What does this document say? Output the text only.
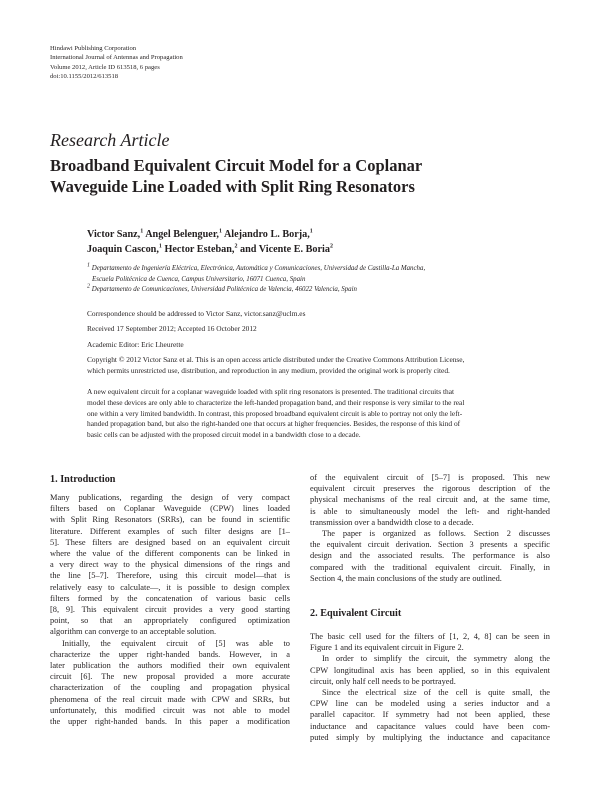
Hindawi Publishing Corporation
International Journal of Antennas and Propagation
Volume 2012, Article ID 613518, 6 pages
doi:10.1155/2012/613518
Research Article
Broadband Equivalent Circuit Model for a Coplanar
Waveguide Line Loaded with Split Ring Resonators
Victor Sanz,$^1$ Angel Belenguer,$^1$ Alejandro L. Borja,$^1$
Joaquin Cascon,$^1$ Hector Esteban,$^2$ and Vicente E. Boria$^2$
$^1$ Departamento de Ingeniería Eléctrica, Electrónica, Automática y Comunicaciones, Universidad de Castilla-La Mancha,
Escuela Politécnica de Cuenca, Campus Universitario, 16071 Cuenca, Spain
$^2$ Departamento de Comunicaciones, Universidad Politécnica de Valencia, 46022 Valencia, Spain
Correspondence should be addressed to Victor Sanz, victor.sanz@uclm.es
Received 17 September 2012; Accepted 16 October 2012
Academic Editor: Eric Lheurette
Copyright © 2012 Victor Sanz et al. This is an open access article distributed under the Creative Commons Attribution License,
which permits unrestricted use, distribution, and reproduction in any medium, provided the original work is properly cited.
A new equivalent circuit for a coplanar waveguide loaded with split ring resonators is presented. The traditional circuits that
model these devices are only able to characterize the left-handed propagation band, and their response is very similar to the real
one within a very limited bandwidth. In contrast, this proposed broadband equivalent circuit is able to portray not only the left-
handed propagation band, but also the right-handed one that occurs at higher frequencies. Besides, the response of this kind of
basic cells can be adjusted with the proposed circuit model in a bandwidth close to a decade.
1. Introduction
Many publications, regarding the design of very compact
filters based on Coplanar Waveguide (CPW) lines loaded
with Split Ring Resonators (SRRs), can be found in scientific
literature. Different examples of such filter designs are [1–
5]. These filters are designed based on an equivalent circuit
where the value of the different components can be linked in
a very direct way to the physical dimensions of the rings and
the line [5–7]. Therefore, using this circuit model—that is
relatively easy to calculate—, it is possible to design complex
filters formed by the concatenation of various basic cells
[8, 9]. This equivalent circuit provides a very good starting
point, so that an appropriately configured optimization
algorithm can converge to an acceptable solution.
Initially, the equivalent circuit of [5] was able to
characterize the upper right-handed bands. However, in a
later publication the authors modified their own equivalent
circuit [6]. The new proposal provided a more accurate
characterization of the coupling and propagation physical
phenomena of the real circuit made with CPW and SRRs, but
unfortunately, this modified circuit was not able to model
the upper right-handed bands. In this paper a modification
of the equivalent circuit of [5–7] is proposed. This new
equivalent circuit preserves the rigorous description of the
physical mechanisms of the real circuit and, at the same time,
is able to simultaneously model the left- and right-handed
transmission over a bandwidth close to a decade.
The paper is organized as follows. Section 2 discusses
the equivalent circuit derivation. Section 3 presents a specific
design and the associated results. The performance is also
compared with the traditional equivalent circuit. Finally, in
Section 4, the main conclusions of the study are outlined.
2. Equivalent Circuit
The basic cell used for the filters of [1, 2, 4, 8] can be seen in
Figure 1 and its equivalent circuit in Figure 2.
In order to simplify the circuit, the symmetry along the
CPW longitudinal axis has been applied, so in this equivalent
circuit, only half cell needs to be portrayed.
Since the electrical size of the cell is quite small, the
CPW line can be modeled using a series inductor and a
parallel capacitor. If symmetry had not been applied, these
inductance and capacitance values could have been com-
puted simply by multiplying the inductance and capacitance
